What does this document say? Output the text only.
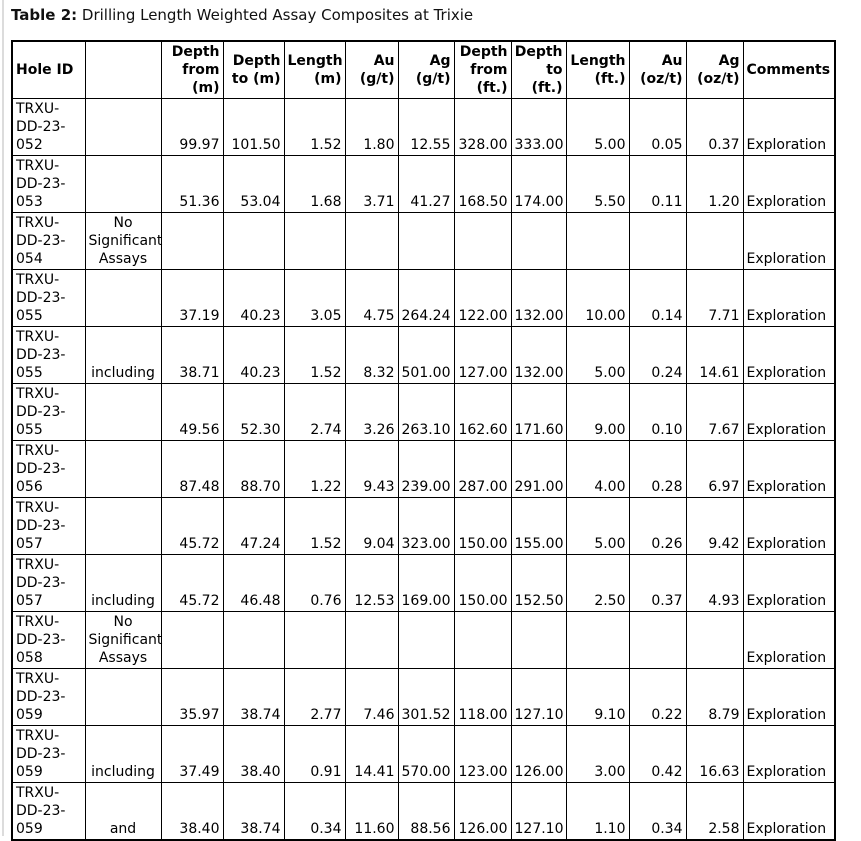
Table 2: Drilling Length Weighted Assay Composites at Trixie
Hole ID		Depth from (m)	Depth to (m)	Length (m)	Au (g/t)	Ag (g/t)	Depth from (ft.)	Depth to (ft.)	Length (ft.)	Au (oz/t)	Ag (oz/t)	Comments
TRXU-DD-23-052		99.97	101.50	1.52	1.80	12.55	328.00	333.00	5.00	0.05	0.37	Exploration
TRXU-DD-23-053		51.36	53.04	1.68	3.71	41.27	168.50	174.00	5.50	0.11	1.20	Exploration
TRXU-DD-23-054	No Significant Assays											Exploration
TRXU-DD-23-055		37.19	40.23	3.05	4.75	264.24	122.00	132.00	10.00	0.14	7.71	Exploration
TRXU-DD-23-055	including	38.71	40.23	1.52	8.32	501.00	127.00	132.00	5.00	0.24	14.61	Exploration
TRXU-DD-23-055		49.56	52.30	2.74	3.26	263.10	162.60	171.60	9.00	0.10	7.67	Exploration
TRXU-DD-23-056		87.48	88.70	1.22	9.43	239.00	287.00	291.00	4.00	0.28	6.97	Exploration
TRXU-DD-23-057		45.72	47.24	1.52	9.04	323.00	150.00	155.00	5.00	0.26	9.42	Exploration
TRXU-DD-23-057	including	45.72	46.48	0.76	12.53	169.00	150.00	152.50	2.50	0.37	4.93	Exploration
TRXU-DD-23-058	No Significant Assays											Exploration
TRXU-DD-23-059		35.97	38.74	2.77	7.46	301.52	118.00	127.10	9.10	0.22	8.79	Exploration
TRXU-DD-23-059	including	37.49	38.40	0.91	14.41	570.00	123.00	126.00	3.00	0.42	16.63	Exploration
TRXU-DD-23-059	and	38.40	38.74	0.34	11.60	88.56	126.00	127.10	1.10	0.34	2.58	Exploration
